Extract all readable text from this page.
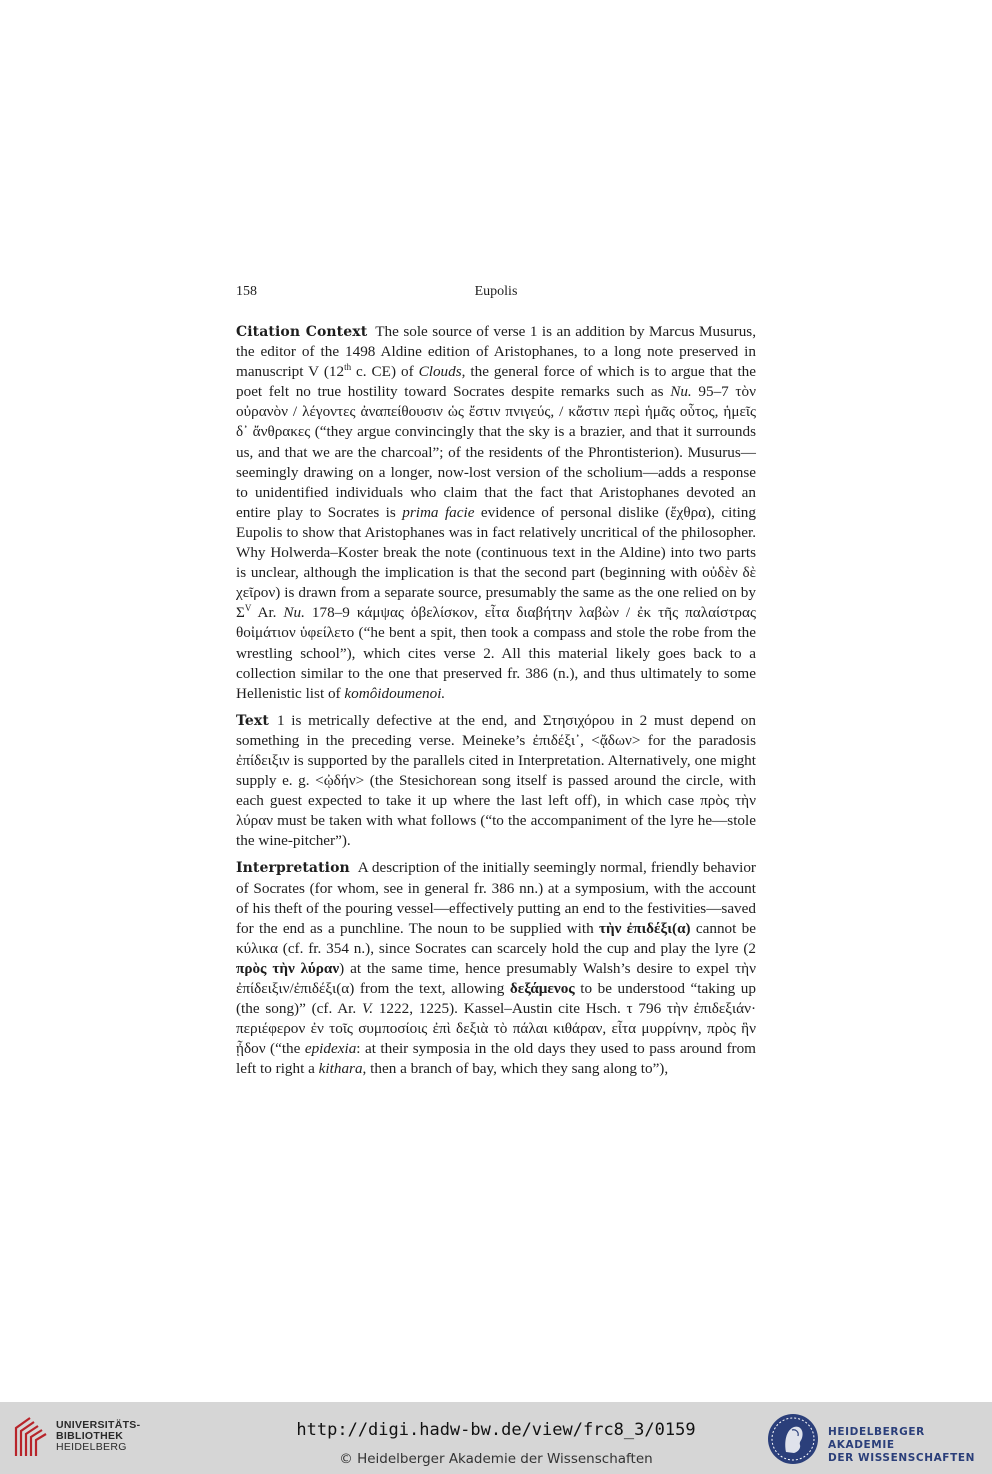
158	Eupolis

Citation Context The sole source of verse 1 is an addition by Marcus Musurus, the editor of the 1498 Aldine edition of Aristophanes, to a long note preserved in manuscript V (12th c. CE) of Clouds, the general force of which is to argue that the poet felt no true hostility toward Socrates despite remarks such as Nu. 95–7 τὸν οὐρανὸν / λέγοντες ἀναπείθουσιν ὡς ἔστιν πνιγεύς, / κἄστιν περὶ ἡμᾶς οὗτος, ἡμεῖς δ᾽ ἄνθρακες (“they argue convincingly that the sky is a brazier, and that it surrounds us, and that we are the charcoal”; of the residents of the Phrontisterion). Musurus—seemingly drawing on a longer, now-lost version of the scholium—adds a response to unidentified individuals who claim that the fact that Aristophanes devoted an entire play to Socrates is prima facie evidence of personal dislike (ἔχθρα), citing Eupolis to show that Aristophanes was in fact relatively uncritical of the philosopher. Why Holwerda–Koster break the note (continuous text in the Aldine) into two parts is unclear, although the implication is that the second part (beginning with οὐδὲν δὲ χεῖρον) is drawn from a separate source, presumably the same as the one relied on by $\Sigma^V$ Ar. Nu. 178–9 κάμψας ὀβελίσκον, εἶτα διαβήτην λαβὼν / ἐκ τῆς παλαίστρας θοἰμάτιον ὑφείλετο (“he bent a spit, then took a compass and stole the robe from the wrestling school”), which cites verse 2. All this material likely goes back to a collection similar to the one that preserved fr. 386 (n.), and thus ultimately to some Hellenistic list of komôidoumenoi.

Text 1 is metrically defective at the end, and Στησιχόρου in 2 must depend on something in the preceding verse. Meineke’s ἐπιδέξι᾽, <ᾄδων> for the paradosis ἐπίδειξιν is supported by the parallels cited in Interpretation. Alternatively, one might supply e. g. <ᾠδήν> (the Stesichorean song itself is passed around the circle, with each guest expected to take it up where the last left off), in which case πρὸς τὴν λύραν must be taken with what follows (“to the accompaniment of the lyre he—stole the wine-pitcher”).

Interpretation A description of the initially seemingly normal, friendly behavior of Socrates (for whom, see in general fr. 386 nn.) at a symposium, with the account of his theft of the pouring vessel—effectively putting an end to the festivities—saved for the end as a punchline. The noun to be supplied with τὴν ἐπιδέξι(α) cannot be κύλικα (cf. fr. 354 n.), since Socrates can scarcely hold the cup and play the lyre (2 πρὸς τὴν λύραν) at the same time, hence presumably Walsh’s desire to expel τὴν ἐπίδειξιν/ἐπιδέξι(α) from the text, allowing δεξάμενος to be understood “taking up (the song)” (cf. Ar. V. 1222, 1225). Kassel–Austin cite Hsch. τ 796 τὴν ἐπιδεξιάν· περιέφερον ἐν τοῖς συμποσίοις ἐπὶ δεξιὰ τὸ πάλαι κιθάραν, εἶτα μυρρίνην, πρὸς ἣν ᾖδον (“the epidexia: at their symposia in the old days they used to pass around from left to right a kithara, then a branch of bay, which they sang along to”),

UNIVERSITÄTS-
BIBLIOTHEK
HEIDELBERG
http://digi.hadw-bw.de/view/frc8_3/0159
© Heidelberger Akademie der Wissenschaften
HEIDELBERGER AKADEMIE
DER WISSENSCHAFTEN
